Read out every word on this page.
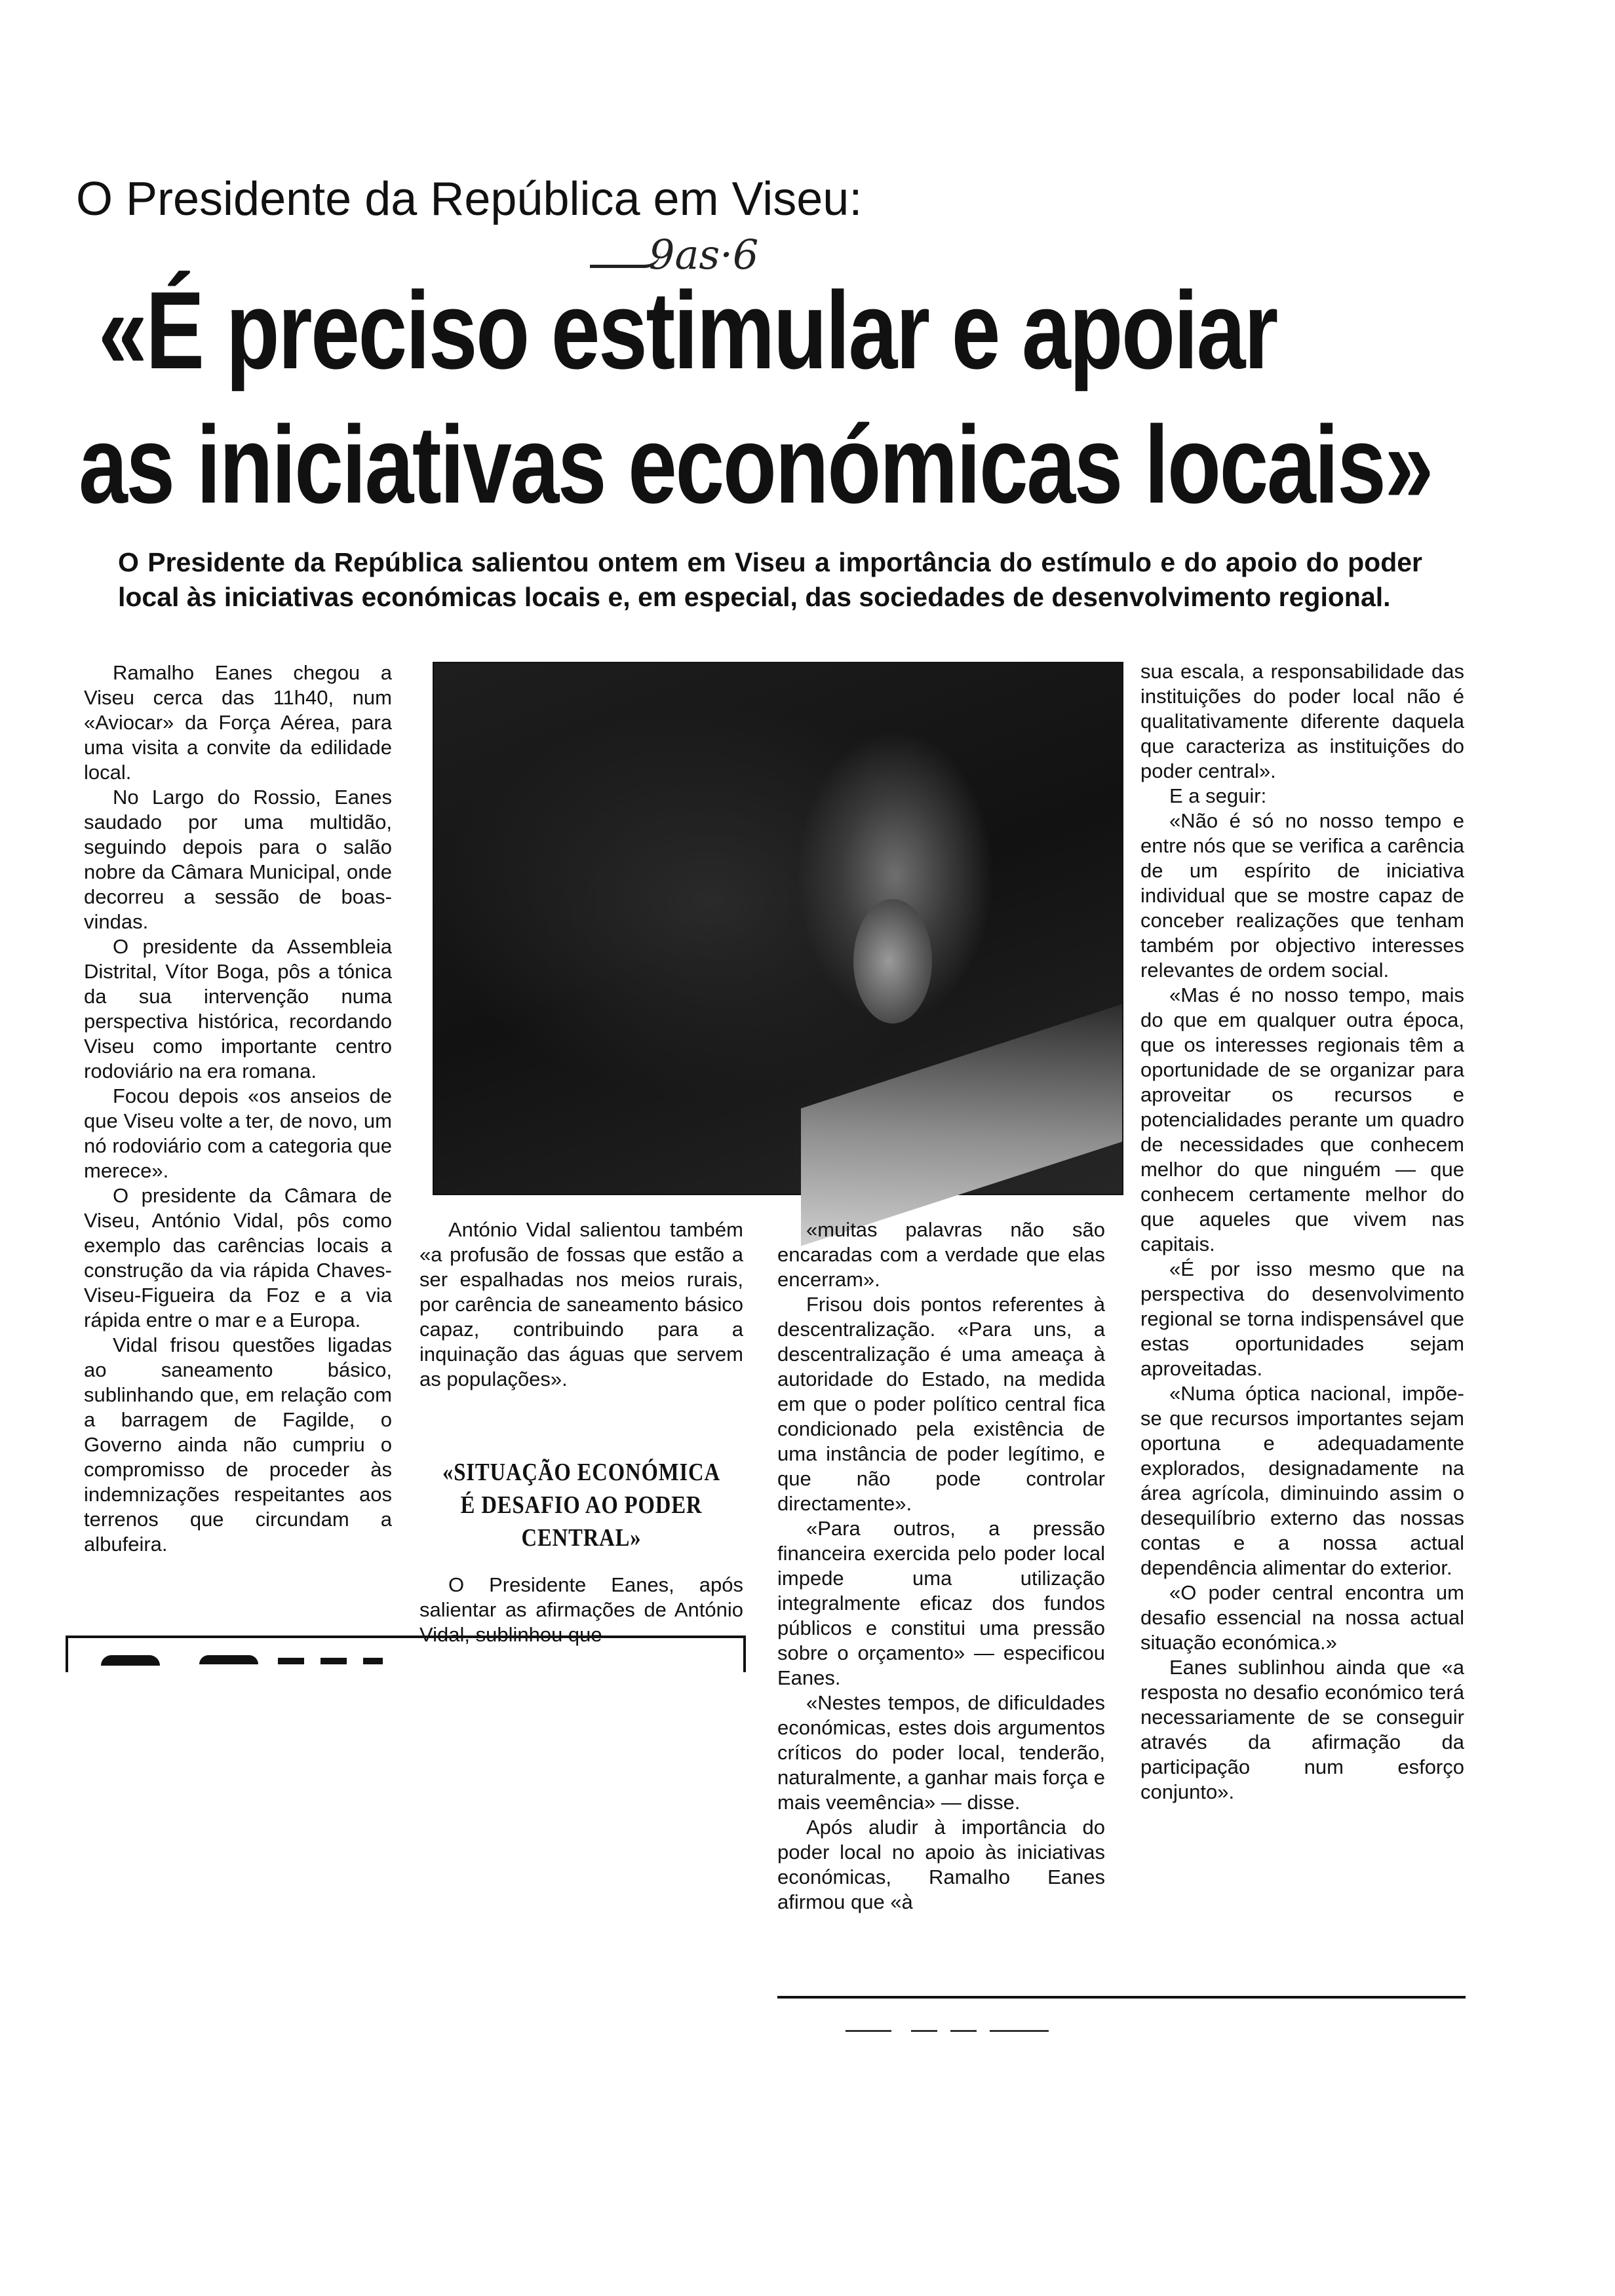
O Presidente da República em Viseu:
9as·6
«É preciso estimular e apoiar
as iniciativas económicas locais»
O Presidente da República salientou ontem em Viseu a importância do estímulo e do apoio do poder local às iniciativas económicas locais e, em especial, das sociedades de desenvolvimento regional.

Ramalho Eanes chegou a Viseu cerca das 11h40, num «Aviocar» da Força Aérea, para uma visita a convite da edilidade local.

No Largo do Rossio, Eanes saudado por uma multidão, seguindo depois para o salão nobre da Câmara Municipal, onde decorreu a sessão de boas-vindas.

O presidente da Assembleia Distrital, Vítor Boga, pôs a tónica da sua intervenção numa perspectiva histórica, recordando Viseu como importante centro rodoviário na era romana.

Focou depois «os anseios de que Viseu volte a ter, de novo, um nó rodoviário com a categoria que merece».

O presidente da Câmara de Viseu, António Vidal, pôs como exemplo das carências locais a construção da via rápida Chaves-Viseu-Figueira da Foz e a via rápida entre o mar e a Europa.

Vidal frisou questões ligadas ao saneamento básico, sublinhando que, em relação com a barragem de Fagilde, o Governo ainda não cumpriu o compromisso de proceder às indemnizações respeitantes aos terrenos que circundam a albufeira.

António Vidal salientou também «a profusão de fossas que estão a ser espalhadas nos meios rurais, por carência de saneamento básico capaz, contribuindo para a inquinação das águas que servem as populações».

«SITUAÇÃO ECONÓMICA
É DESAFIO AO PODER CENTRAL»

O Presidente Eanes, após salientar as afirmações de António Vidal, sublinhou que

«muitas palavras não são encaradas com a verdade que elas encerram».

Frisou dois pontos referentes à descentralização. «Para uns, a descentralização é uma ameaça à autoridade do Estado, na medida em que o poder político central fica condicionado pela existência de uma instância de poder legítimo, e que não pode controlar directamente».

«Para outros, a pressão financeira exercida pelo poder local impede uma utilização integralmente eficaz dos fundos públicos e constitui uma pressão sobre o orçamento» — especificou Eanes.

«Nestes tempos, de dificuldades económicas, estes dois argumentos críticos do poder local, tenderão, naturalmente, a ganhar mais força e mais veemência» — disse.

Após aludir à importância do poder local no apoio às iniciativas económicas, Ramalho Eanes afirmou que «à

sua escala, a responsabilidade das instituições do poder local não é qualitativamente diferente daquela que caracteriza as instituições do poder central».

E a seguir:

«Não é só no nosso tempo e entre nós que se verifica a carência de um espírito de iniciativa individual que se mostre capaz de conceber realizações que tenham também por objectivo interesses relevantes de ordem social.

«Mas é no nosso tempo, mais do que em qualquer outra época, que os interesses regionais têm a oportunidade de se organizar para aproveitar os recursos e potencialidades perante um quadro de necessidades que conhecem melhor do que ninguém — que conhecem certamente melhor do que aqueles que vivem nas capitais.

«É por isso mesmo que na perspectiva do desenvolvimento regional se torna indispensável que estas oportunidades sejam aproveitadas.

«Numa óptica nacional, impõe-se que recursos importantes sejam oportuna e adequadamente explorados, designadamente na área agrícola, diminuindo assim o desequilíbrio externo das nossas contas e a nossa actual dependência alimentar do exterior.

«O poder central encontra um desafio essencial na nossa actual situação económica.»

Eanes sublinhou ainda que «a resposta no desafio económico terá necessariamente de se conseguir através da afirmação da participação num esforço conjunto».
